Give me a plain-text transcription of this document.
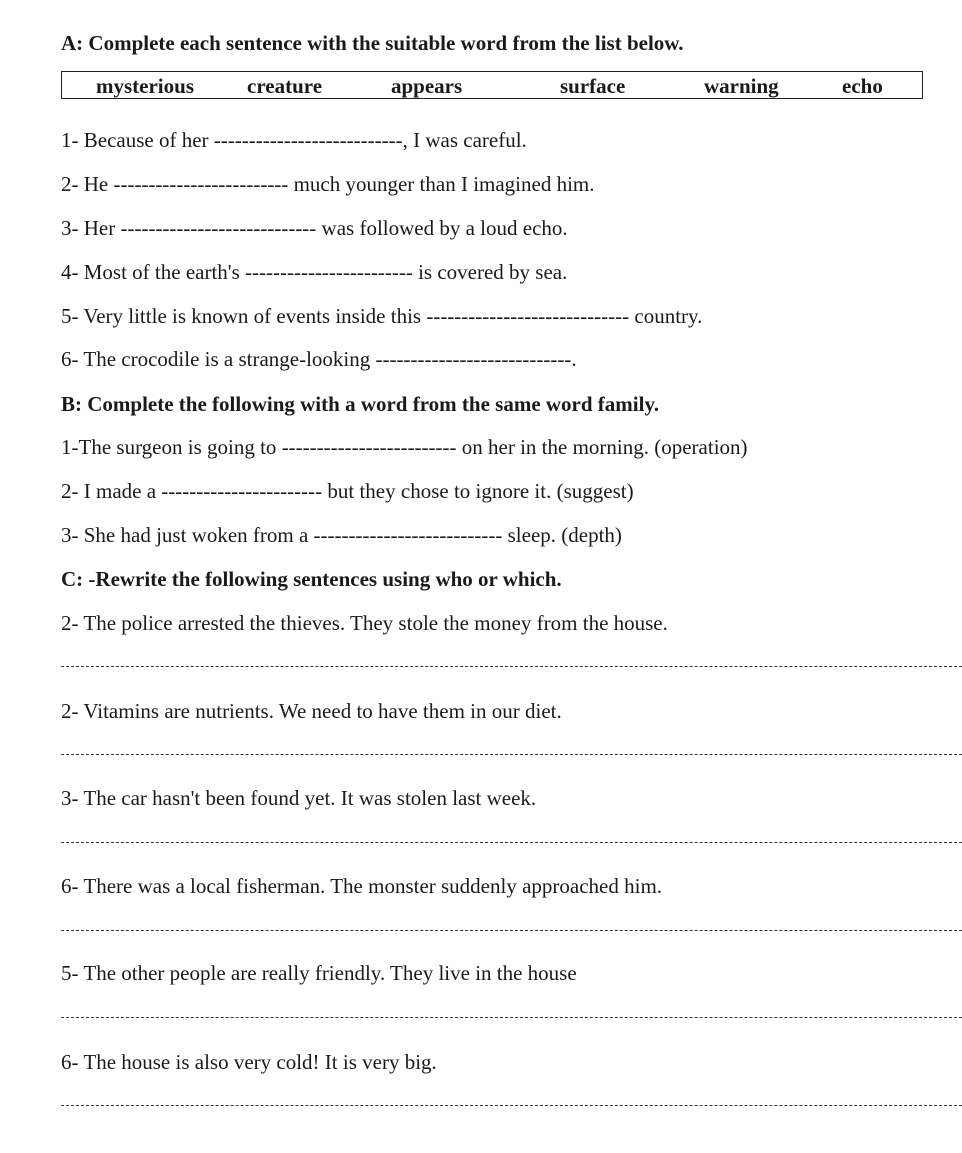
A: Complete each sentence with the suitable word from the list below.
mysterious	creature	appears	surface	warning	echo
1- Because of her ---------------------------, I was careful.
2- He ------------------------- much younger than I imagined him.
3- Her ---------------------------- was followed by a loud echo.
4- Most of the earth's ------------------------ is covered by sea.
5- Very little is known of events inside this ----------------------------- country.
6- The crocodile is a strange-looking ----------------------------.
B: Complete the following with a word from the same word family.
1-The surgeon is going to ------------------------- on her in the morning. (operation)
2- I made a ----------------------- but they chose to ignore it. (suggest)
3- She had just woken from a --------------------------- sleep. (depth)
C: -Rewrite the following sentences using who or which.
2- The police arrested the thieves. They stole the money from the house.
2- Vitamins are nutrients. We need to have them in our diet.
3- The car hasn't been found yet. It was stolen last week.
6- There was a local fisherman. The monster suddenly approached him.
5- The other people are really friendly. They live in the house
6- The house is also very cold! It is very big.
